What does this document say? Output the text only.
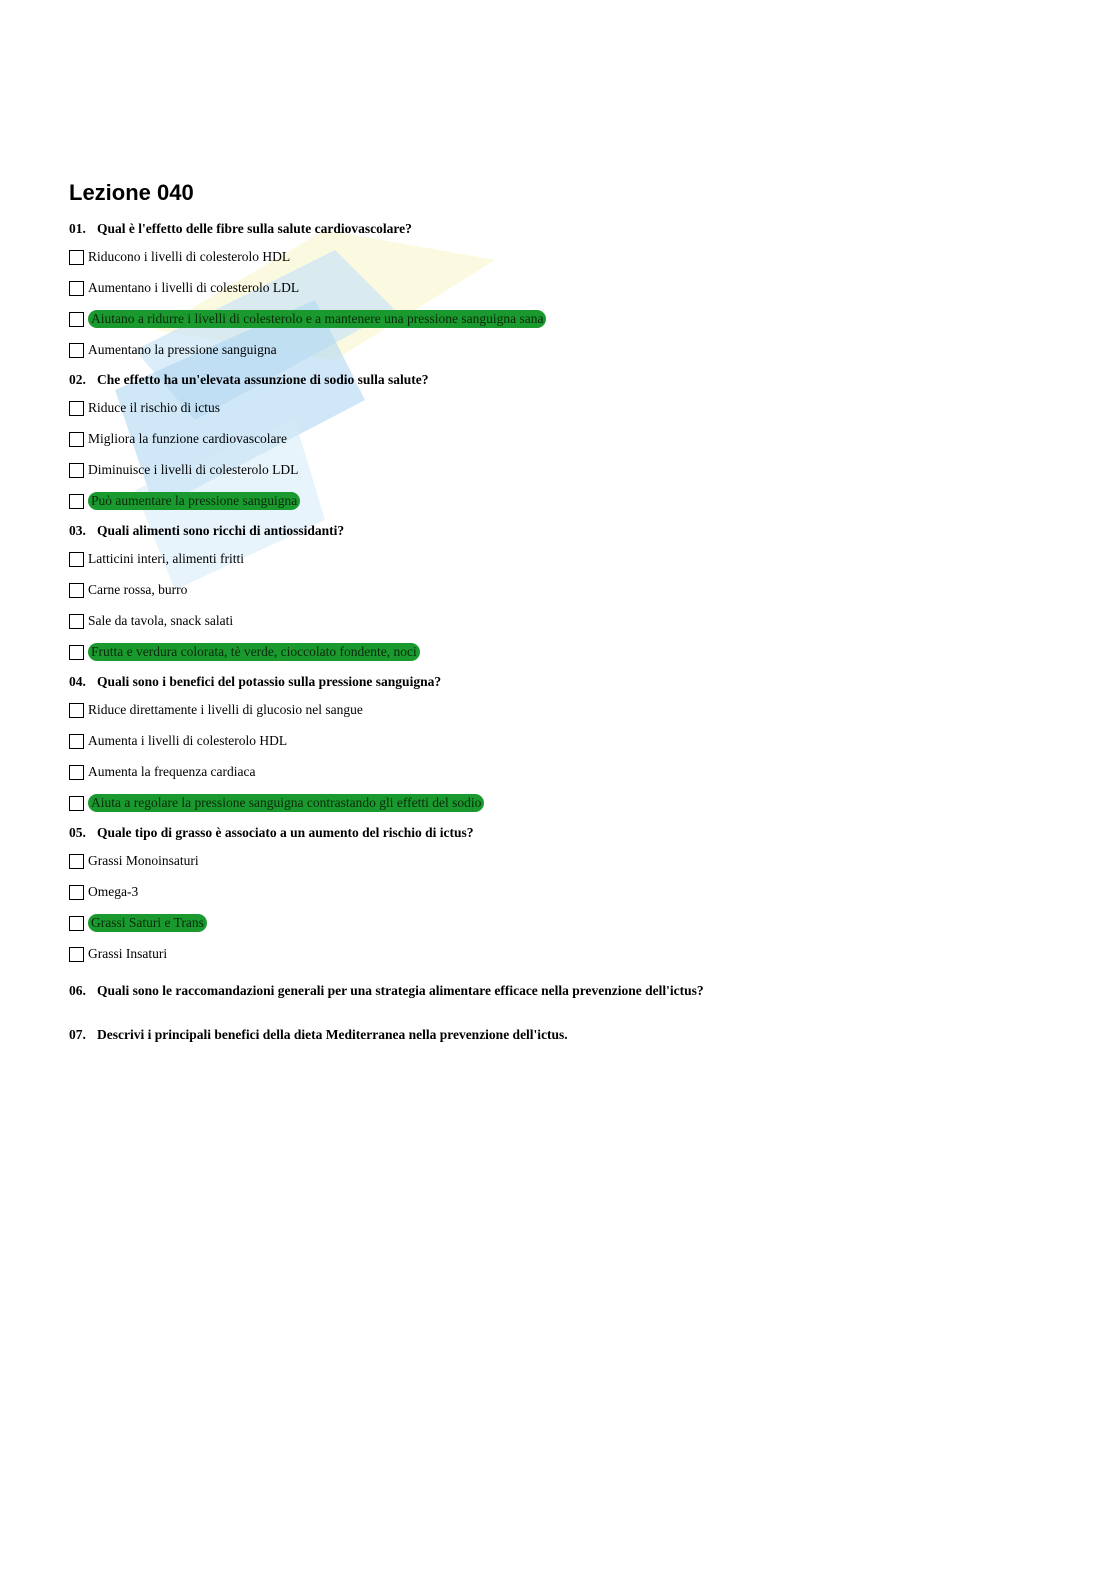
Lezione 040
01. Qual è l'effetto delle fibre sulla salute cardiovascolare?
Riducono i livelli di colesterolo HDL
Aumentano i livelli di colesterolo LDL
Aiutano a ridurre i livelli di colesterolo e a mantenere una pressione sanguigna sana
Aumentano la pressione sanguigna
02. Che effetto ha un'elevata assunzione di sodio sulla salute?
Riduce il rischio di ictus
Migliora la funzione cardiovascolare
Diminuisce i livelli di colesterolo LDL
Può aumentare la pressione sanguigna
03. Quali alimenti sono ricchi di antiossidanti?
Latticini interi, alimenti fritti
Carne rossa, burro
Sale da tavola, snack salati
Frutta e verdura colorata, tè verde, cioccolato fondente, noci
04. Quali sono i benefici del potassio sulla pressione sanguigna?
Riduce direttamente i livelli di glucosio nel sangue
Aumenta i livelli di colesterolo HDL
Aumenta la frequenza cardiaca
Aiuta a regolare la pressione sanguigna contrastando gli effetti del sodio
05. Quale tipo di grasso è associato a un aumento del rischio di ictus?
Grassi Monoinsaturi
Omega-3
Grassi Saturi e Trans
Grassi Insaturi
06. Quali sono le raccomandazioni generali per una strategia alimentare efficace nella prevenzione dell'ictus?
07. Descrivi i principali benefici della dieta Mediterranea nella prevenzione dell'ictus.
